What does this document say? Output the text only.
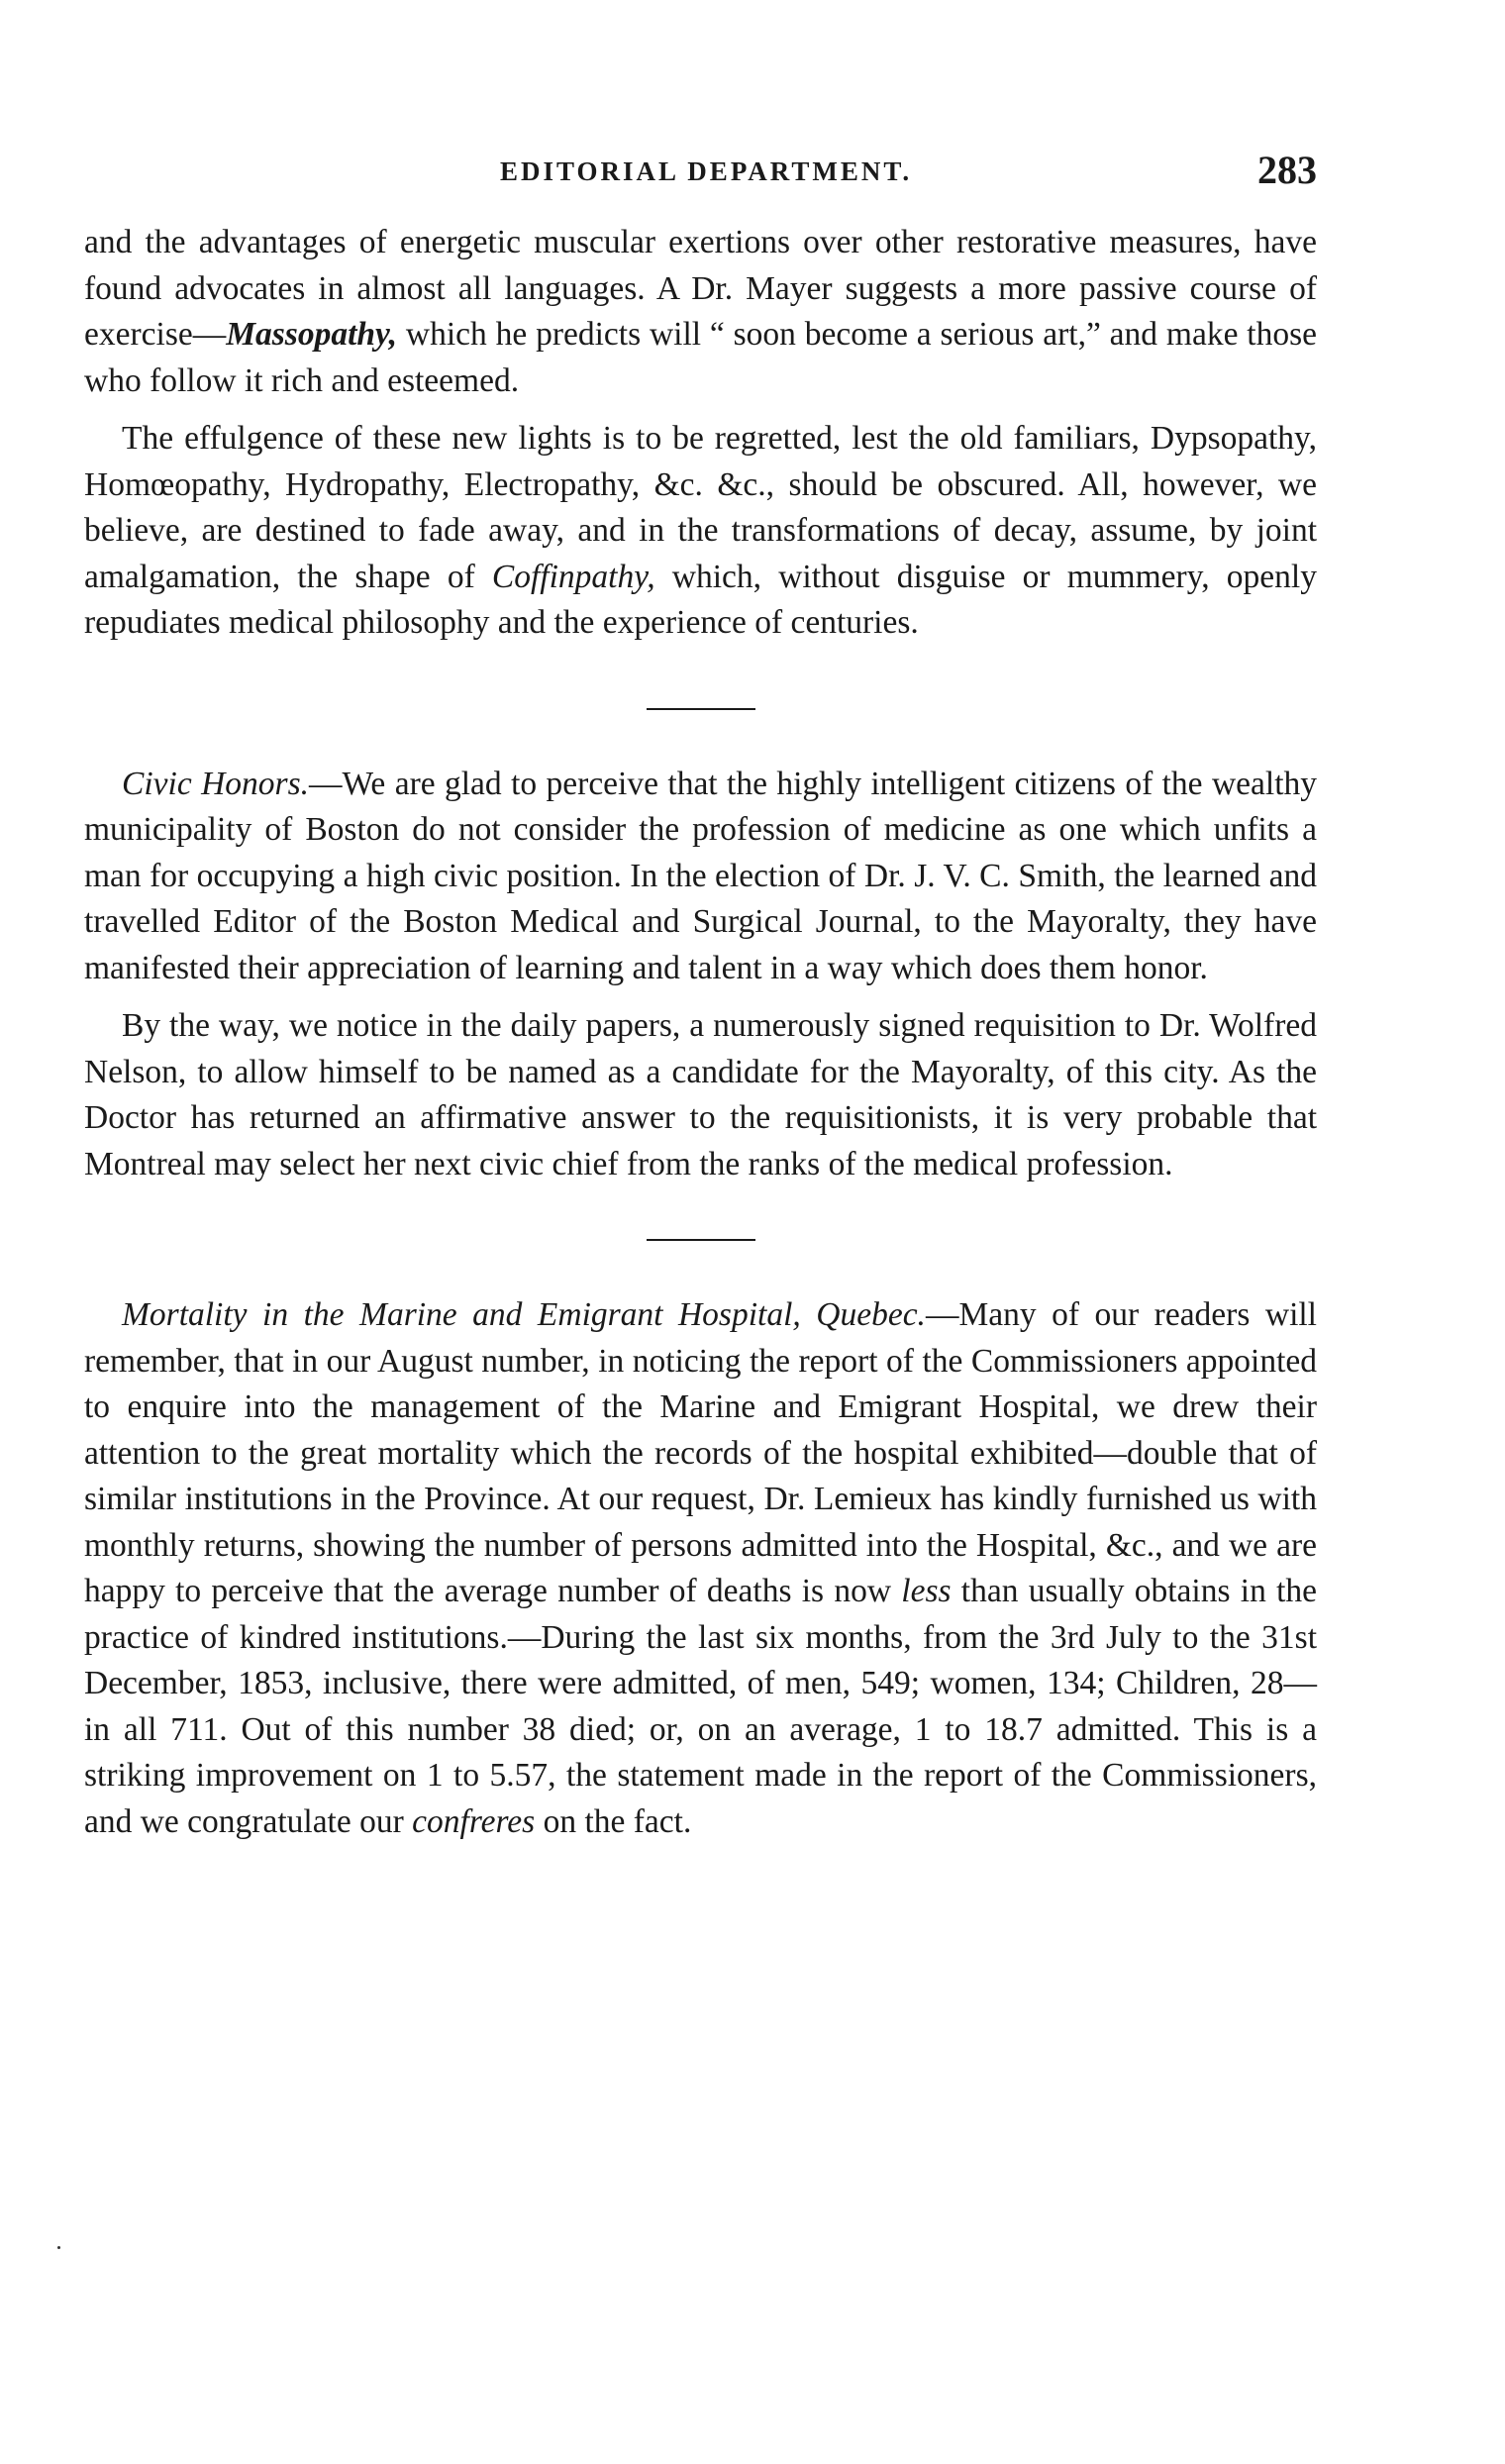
EDITORIAL DEPARTMENT.	283

and the advantages of energetic muscular exertions over other restorative measures, have found advocates in almost all languages. A Dr. Mayer suggests a more passive course of exercise—Massopathy, which he predicts will “ soon become a serious art,” and make those who follow it rich and esteemed.

The effulgence of these new lights is to be regretted, lest the old familiars, Dypsopathy, Homœopathy, Hydropathy, Electropathy, &c. &c., should be obscured. All, however, we believe, are destined to fade away, and in the transformations of decay, assume, by joint amalgamation, the shape of Coffinpathy, which, without disguise or mummery, openly repudiates medical philosophy and the experience of centuries.

Civic Honors.—We are glad to perceive that the highly intelligent citizens of the wealthy municipality of Boston do not consider the profession of medicine as one which unfits a man for occupying a high civic position. In the election of Dr. J. V. C. Smith, the learned and travelled Editor of the Boston Medical and Surgical Journal, to the Mayoralty, they have manifested their appreciation of learning and talent in a way which does them honor.

By the way, we notice in the daily papers, a numerously signed requisition to Dr. Wolfred Nelson, to allow himself to be named as a candidate for the Mayoralty, of this city. As the Doctor has returned an affirmative answer to the requisitionists, it is very probable that Montreal may select her next civic chief from the ranks of the medical profession.

Mortality in the Marine and Emigrant Hospital, Quebec.—Many of our readers will remember, that in our August number, in noticing the report of the Commissioners appointed to enquire into the management of the Marine and Emigrant Hospital, we drew their attention to the great mortality which the records of the hospital exhibited—double that of similar institutions in the Province. At our request, Dr. Lemieux has kindly furnished us with monthly returns, showing the number of persons admitted into the Hospital, &c., and we are happy to perceive that the average number of deaths is now less than usually obtains in the practice of kindred institutions.—During the last six months, from the 3rd July to the 31st December, 1853, inclusive, there were admitted, of men, 549; women, 134; Children, 28—in all 711. Out of this number 38 died; or, on an average, 1 to 18.7 admitted. This is a striking improvement on 1 to 5.57, the statement made in the report of the Commissioners, and we congratulate our confreres on the fact.
